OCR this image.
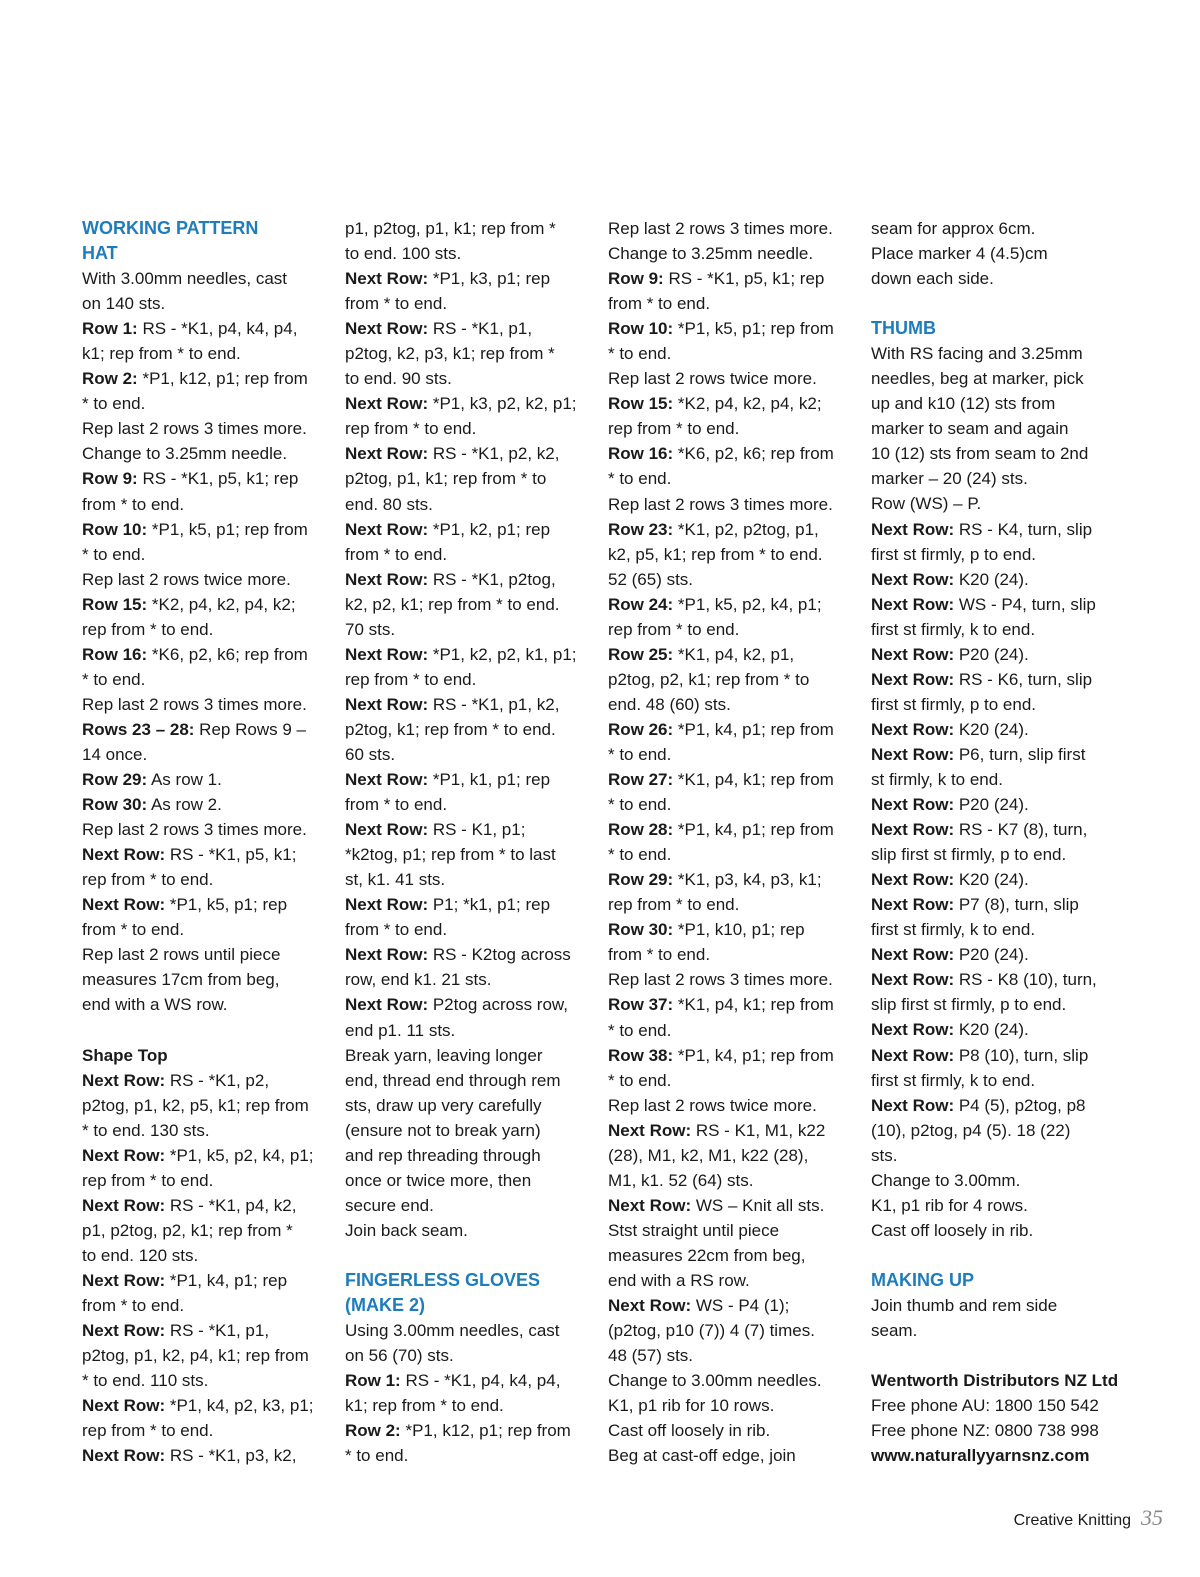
WORKING PATTERN

HAT

With 3.00mm needles, cast

on 140 sts.

Row 1: RS - *K1, p4, k4, p4,

k1; rep from * to end.

Row 2: *P1, k12, p1; rep from

* to end.

Rep last 2 rows 3 times more.

Change to 3.25mm needle.

Row 9: RS - *K1, p5, k1; rep

from * to end.

Row 10: *P1, k5, p1; rep from

* to end.

Rep last 2 rows twice more.

Row 15: *K2, p4, k2, p4, k2;

rep from * to end.

Row 16: *K6, p2, k6; rep from

* to end.

Rep last 2 rows 3 times more.

Rows 23 – 28: Rep Rows 9 –

14 once.

Row 29: As row 1.

Row 30: As row 2.

Rep last 2 rows 3 times more.

Next Row: RS - *K1, p5, k1;

rep from * to end.

Next Row: *P1, k5, p1; rep

from * to end.

Rep last 2 rows until piece

measures 17cm from beg,

end with a WS row.

Shape Top

Next Row: RS - *K1, p2,

p2tog, p1, k2, p5, k1; rep from

* to end. 130 sts.

Next Row: *P1, k5, p2, k4, p1;

rep from * to end.

Next Row: RS - *K1, p4, k2,

p1, p2tog, p2, k1; rep from *

to end. 120 sts.

Next Row: *P1, k4, p1; rep

from * to end.

Next Row: RS - *K1, p1,

p2tog, p1, k2, p4, k1; rep from

* to end. 110 sts.

Next Row: *P1, k4, p2, k3, p1;

rep from * to end.

Next Row: RS - *K1, p3, k2,

p1, p2tog, p1, k1; rep from *

to end. 100 sts.

Next Row: *P1, k3, p1; rep

from * to end.

Next Row: RS - *K1, p1,

p2tog, k2, p3, k1; rep from *

to end. 90 sts.

Next Row: *P1, k3, p2, k2, p1;

rep from * to end.

Next Row: RS - *K1, p2, k2,

p2tog, p1, k1; rep from * to

end. 80 sts.

Next Row: *P1, k2, p1; rep

from * to end.

Next Row: RS - *K1, p2tog,

k2, p2, k1; rep from * to end.

70 sts.

Next Row: *P1, k2, p2, k1, p1;

rep from * to end.

Next Row: RS - *K1, p1, k2,

p2tog, k1; rep from * to end.

60 sts.

Next Row: *P1, k1, p1; rep

from * to end.

Next Row: RS - K1, p1;

*k2tog, p1; rep from * to last

st, k1. 41 sts.

Next Row: P1; *k1, p1; rep

from * to end.

Next Row: RS - K2tog across

row, end k1. 21 sts.

Next Row: P2tog across row,

end p1. 11 sts.

Break yarn, leaving longer

end, thread end through rem

sts, draw up very carefully

(ensure not to break yarn)

and rep threading through

once or twice more, then

secure end.

Join back seam.

FINGERLESS GLOVES

(MAKE 2)

Using 3.00mm needles, cast

on 56 (70) sts.

Row 1: RS - *K1, p4, k4, p4,

k1; rep from * to end.

Row 2: *P1, k12, p1; rep from

* to end.

Rep last 2 rows 3 times more.

Change to 3.25mm needle.

Row 9: RS - *K1, p5, k1; rep

from * to end.

Row 10: *P1, k5, p1; rep from

* to end.

Rep last 2 rows twice more.

Row 15: *K2, p4, k2, p4, k2;

rep from * to end.

Row 16: *K6, p2, k6; rep from

* to end.

Rep last 2 rows 3 times more.

Row 23: *K1, p2, p2tog, p1,

k2, p5, k1; rep from * to end.

52 (65) sts.

Row 24: *P1, k5, p2, k4, p1;

rep from * to end.

Row 25: *K1, p4, k2, p1,

p2tog, p2, k1; rep from * to

end. 48 (60) sts.

Row 26: *P1, k4, p1; rep from

* to end.

Row 27: *K1, p4, k1; rep from

* to end.

Row 28: *P1, k4, p1; rep from

* to end.

Row 29: *K1, p3, k4, p3, k1;

rep from * to end.

Row 30: *P1, k10, p1; rep

from * to end.

Rep last 2 rows 3 times more.

Row 37: *K1, p4, k1; rep from

* to end.

Row 38: *P1, k4, p1; rep from

* to end.

Rep last 2 rows twice more.

Next Row: RS - K1, M1, k22

(28), M1, k2, M1, k22 (28),

M1, k1. 52 (64) sts.

Next Row: WS – Knit all sts.

Stst straight until piece

measures 22cm from beg,

end with a RS row.

Next Row: WS - P4 (1);

(p2tog, p10 (7)) 4 (7) times.

48 (57) sts.

Change to 3.00mm needles.

K1, p1 rib for 10 rows.

Cast off loosely in rib.

Beg at cast-off edge, join

seam for approx 6cm.

Place marker 4 (4.5)cm

down each side.

THUMB

With RS facing and 3.25mm

needles, beg at marker, pick

up and k10 (12) sts from

marker to seam and again

10 (12) sts from seam to 2nd

marker – 20 (24) sts.

Row (WS) – P.

Next Row: RS - K4, turn, slip

first st firmly, p to end.

Next Row: K20 (24).

Next Row: WS - P4, turn, slip

first st firmly, k to end.

Next Row: P20 (24).

Next Row: RS - K6, turn, slip

first st firmly, p to end.

Next Row: K20 (24).

Next Row: P6, turn, slip first

st firmly, k to end.

Next Row: P20 (24).

Next Row: RS - K7 (8), turn,

slip first st firmly, p to end.

Next Row: K20 (24).

Next Row: P7 (8), turn, slip

first st firmly, k to end.

Next Row: P20 (24).

Next Row: RS - K8 (10), turn,

slip first st firmly, p to end.

Next Row: K20 (24).

Next Row: P8 (10), turn, slip

first st firmly, k to end.

Next Row: P4 (5), p2tog, p8

(10), p2tog, p4 (5). 18 (22)

sts.

Change to 3.00mm.

K1, p1 rib for 4 rows.

Cast off loosely in rib.

MAKING UP

Join thumb and rem side

seam.

Wentworth Distributors NZ Ltd

Free phone AU: 1800 150 542

Free phone NZ: 0800 738 998

www.naturallyyarnsnz.com

Creative Knitting 35
